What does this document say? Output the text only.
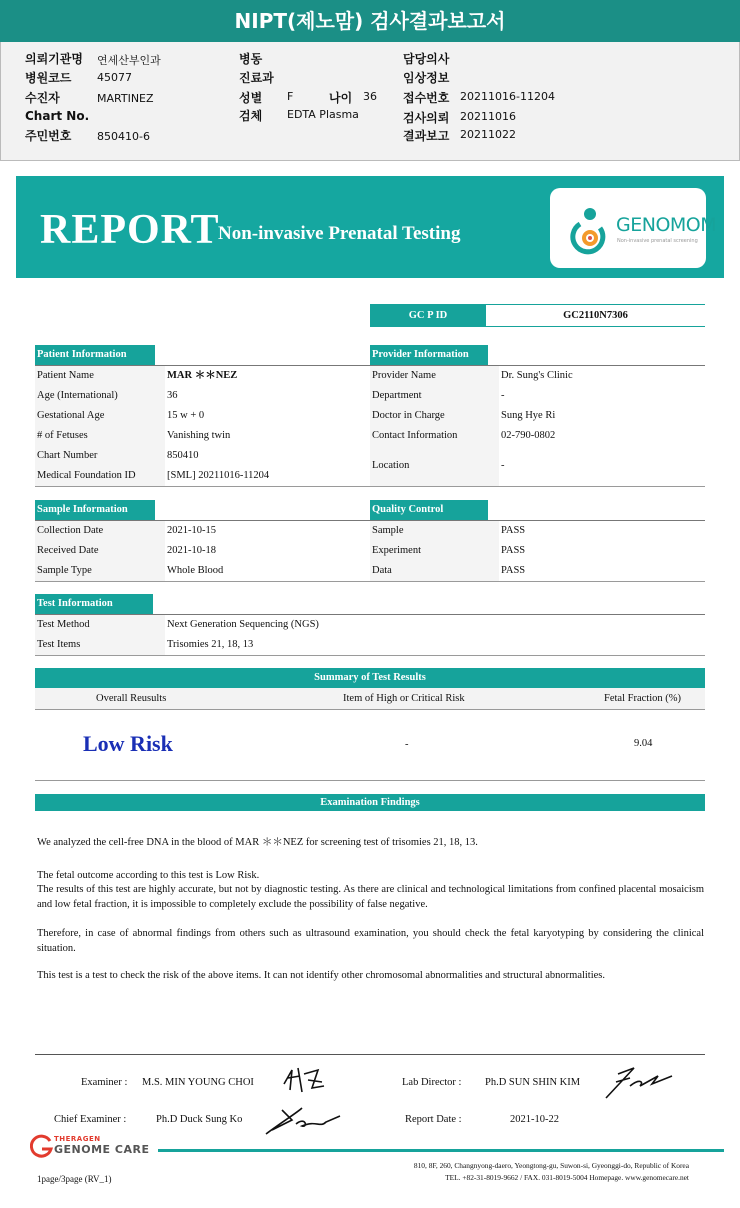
NIPT(제노맘) 검사결과보고서
의뢰기관명 연세산부인과
병원코드 45077
수진자	MARTINEZ
Chart No.
주민번호 850410-6
병동
진료과
성별 F	나이 36
검체 EDTA Plasma
담당의사
임상정보
접수번호 20211016-11204
검사의뢰 20211016
결과보고 20211022
REPORT
Non-invasive Prenatal Testing	GENOMOM
Non-invasive prenatal screening
GC P ID	GC2110N7306
Patient Information
Patient Name	MAR ＊＊NEZ
Age (International)	36
Gestational Age	15 w + 0
# of Fetuses	Vanishing twin
Chart Number	850410
Medical Foundation ID	[SML] 20211016-11204
Provider Information
Provider Name	Dr. Sung's Clinic
Department	-
Doctor in Charge	Sung Hye Ri
Contact Information	02-790-0802
Location	-
Sample Information
Collection Date	2021-10-15
Received Date	2021-10-18
Sample Type	Whole Blood
Quality Control
Sample	PASS
Experiment	PASS
Data	PASS
Test Information
Test Method	Next Generation Sequencing (NGS)
Test Items	Trisomies 21, 18, 13
Summary of Test Results
Overall Reusults	Item of High or Critical Risk	Fetal Fraction (%)
Low Risk	-	9.04
Examination Findings
We analyzed the cell-free DNA in the blood of MAR ＊＊NEZ for screening test of trisomies 21, 18, 13.
The fetal outcome according to this test is Low Risk.
The results of this test are highly accurate, but not by diagnostic testing. As there are clinical and technological limitations from confined placental mosaicism and low fetal fraction, it is impossible to completely exclude the possibility of false negative.
Therefore, in case of abnormal findings from others such as ultrasound examination, you should check the fetal karyotyping by considering the clinical situation.
This test is a test to check the risk of the above items. It can not identify other chromosomal abnormalities and structural abnormalities.
Examiner : M.S. MIN YOUNG CHOI	Lab Director : Ph.D SUN SHIN KIM
Chief Examiner :	Ph.D Duck Sung Ko	Report Date :	2021-10-22
THERAGEN
GENOME CARE
1page/3page (RV_1)
810, 8F, 260, Changnyong-daero, Yeongtong-gu, Suwon-si, Gyeonggi-do, Republic of Korea
TEL. +82-31-8019-9662 / FAX. 031-8019-5004 Homepage. www.genomecare.net
